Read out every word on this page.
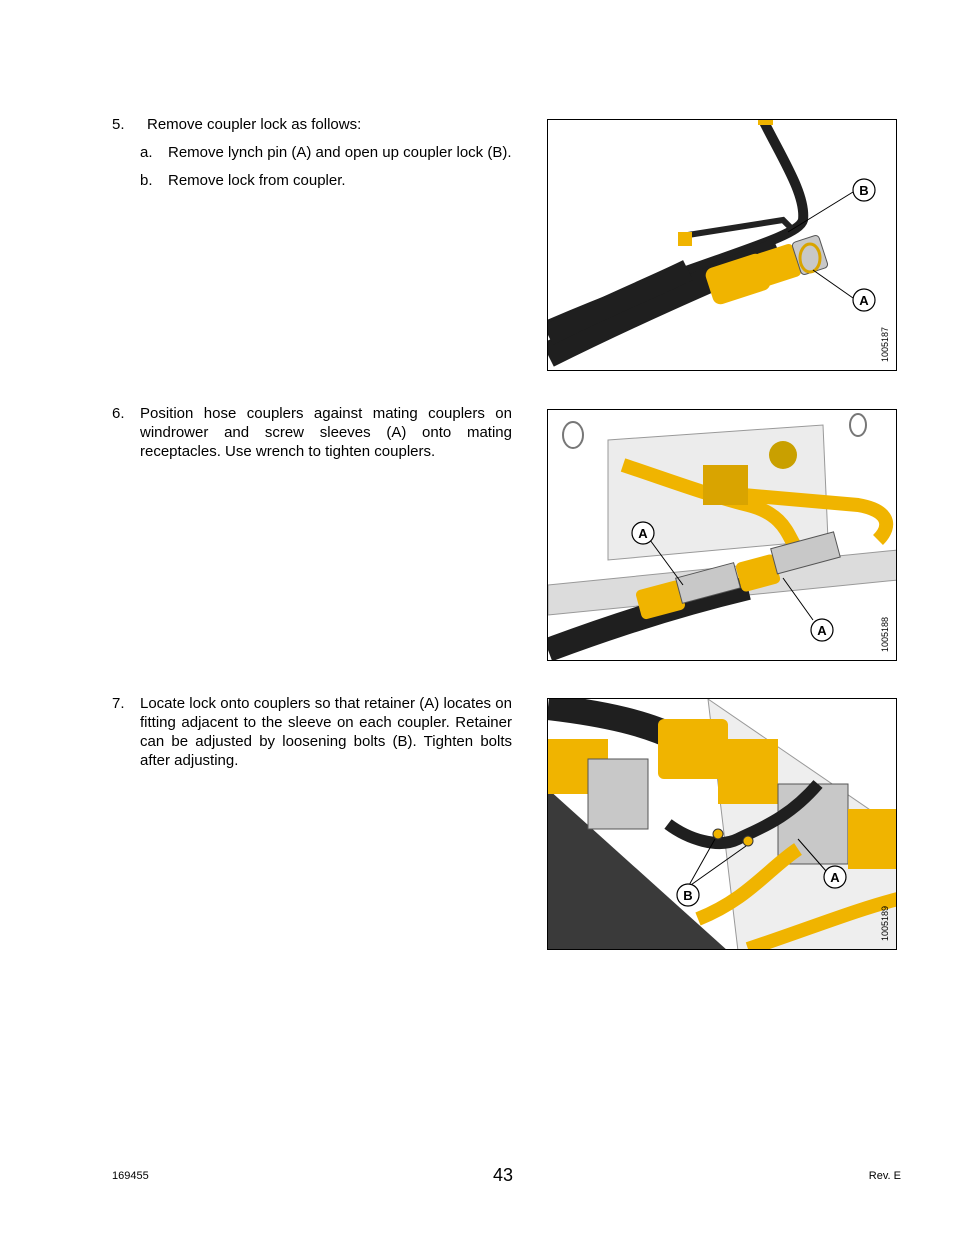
5. Remove coupler lock as follows:
a. Remove lynch pin (A) and open up coupler lock (B).
b. Remove lock from coupler.
B
A
1005187
6. Position hose couplers against mating couplers on windrower and screw sleeves (A) onto mating receptacles. Use wrench to tighten couplers.
A
A	1005188
7. Locate lock onto couplers so that retainer (A) locates on fitting adjacent to the sleeve on each coupler. Retainer can be adjusted by loosening bolts (B). Tighten bolts after adjusting.
A
B
1005189
169455	43	Rev. E
